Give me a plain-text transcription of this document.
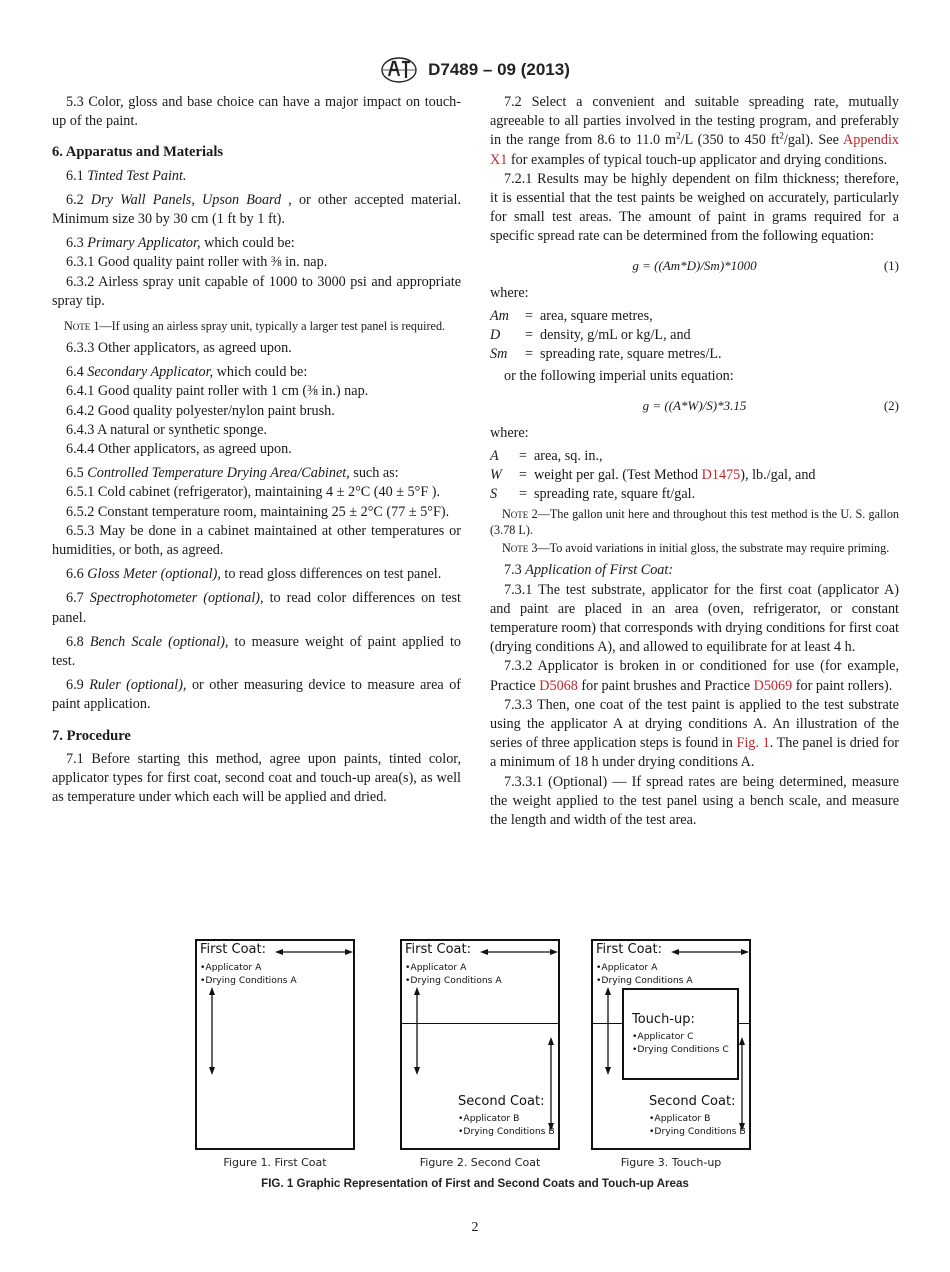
D7489 – 09 (2013)

5.3 Color, gloss and base choice can have a major impact on touch-up of the paint.

6. Apparatus and Materials

6.1 Tinted Test Paint.

6.2 Dry Wall Panels, Upson Board , or other accepted material. Minimum size 30 by 30 cm (1 ft by 1 ft).

6.3 Primary Applicator, which could be:

6.3.1 Good quality paint roller with ⅜ in. nap.

6.3.2 Airless spray unit capable of 1000 to 3000 psi and appropriate spray tip.

Note 1—If using an airless spray unit, typically a larger test panel is required.

6.3.3 Other applicators, as agreed upon.

6.4 Secondary Applicator, which could be:

6.4.1 Good quality paint roller with 1 cm (⅜ in.) nap.

6.4.2 Good quality polyester/nylon paint brush.

6.4.3 A natural or synthetic sponge.

6.4.4 Other applicators, as agreed upon.

6.5 Controlled Temperature Drying Area/Cabinet, such as:

6.5.1 Cold cabinet (refrigerator), maintaining 4 ± 2°C (40 ± 5°F ).

6.5.2 Constant temperature room, maintaining 25 ± 2°C (77 ± 5°F).

6.5.3 May be done in a cabinet maintained at other temperatures or humidities, or both, as agreed.

6.6 Gloss Meter (optional), to read gloss differences on test panel.

6.7 Spectrophotometer (optional), to read color differences on test panel.

6.8 Bench Scale (optional), to measure weight of paint applied to test.

6.9 Ruler (optional), or other measuring device to measure area of paint application.

7. Procedure

7.1 Before starting this method, agree upon paints, tinted color, applicator types for first coat, second coat and touch-up area(s), as well as temperature under which each will be applied and dried.

7.2 Select a convenient and suitable spreading rate, mutually agreeable to all parties involved in the testing program, and preferably in the range from 8.6 to 11.0 $m^2/L$ (350 to 450 $ft^2/gal$). See Appendix X1 for examples of typical touch-up applicator and drying conditions.

7.2.1 Results may be highly dependent on film thickness; therefore, it is essential that the test paints be weighed on accurately, particularly for small test areas. The amount of paint in grams required for a specific spread rate can be determined from the following equation:

g = ((Am*D)/Sm)*1000	(1)

where:

Am	=	area, square metres,
D	=	density, g/mL or kg/L, and
Sm	=	spreading rate, square metres/L.

or the following imperial units equation:

g = ((A*W)/S)*3.15	(2)

where:

A	=	area, sq. in.,
W	=	weight per gal. (Test Method D1475), lb./gal, and
S	=	spreading rate, square ft/gal.

Note 2—The gallon unit here and throughout this test method is the U. S. gallon (3.78 L).

Note 3—To avoid variations in initial gloss, the substrate may require priming.

7.3 Application of First Coat:

7.3.1 The test substrate, applicator for the first coat (applicator A) and paint are placed in an area (oven, refrigerator, or constant temperature room) that corresponds with drying conditions for first coat (drying conditions A), and allowed to equilibrate for at least 4 h.

7.3.2 Applicator is broken in or conditioned for use (for example, Practice D5068 for paint brushes and Practice D5069 for paint rollers).

7.3.3 Then, one coat of the test paint is applied to the test substrate using the applicator A at drying conditions A. An illustration of the series of three application steps is found in Fig. 1. The panel is dried for a minimum of 18 h under drying conditions A.

7.3.3.1 (Optional) — If spread rates are being determined, measure the weight applied to the test panel using a bench scale, and measure the length and width of the test area.

First Coat:
•Applicator A
•Drying Conditions A
Figure 1. First Coat
First Coat:
•Applicator A
•Drying Conditions A
Second Coat:
•Applicator B
•Drying Conditions B
Figure 2. Second Coat
First Coat:
•Applicator A
•Drying Conditions A
Touch-up:
•Applicator C
•Drying Conditions C
Second Coat:
•Applicator B
•Drying Conditions B
Figure 3. Touch-up
FIG. 1 Graphic Representation of First and Second Coats and Touch-up Areas
2
